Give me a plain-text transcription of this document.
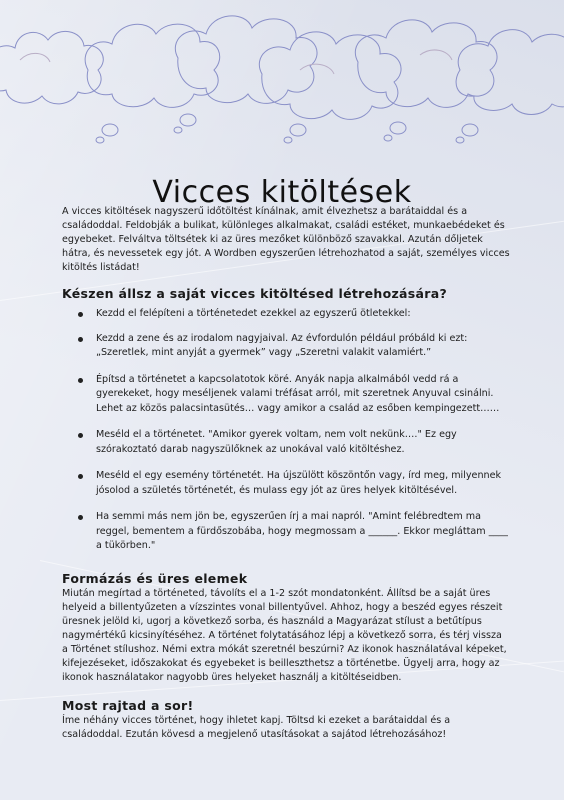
Vicces kitöltések

A vicces kitöltések nagyszerű időtöltést kínálnak, amit élvezhetsz a barátaiddal és a családoddal. Feldobják a bulikat, különleges alkalmakat, családi estéket, munkaebédeket és egyebeket. Felváltva töltsétek ki az üres mezőket különböző szavakkal. Azután dőljetek hátra, és nevessetek egy jót. A Wordben egyszerűen létrehozhatod a saját, személyes vicces kitöltés listádat!

Készen állsz a saját vicces kitöltésed létrehozására?
Kezdd el felépíteni a történetedet ezekkel az egyszerű ötletekkel:
Kezdd a zene és az irodalom nagyjaival. Az évfordulón például próbáld ki ezt: „Szeretlek, mint anyját a gyermek” vagy „Szeretni valakit valamiért.”
Építsd a történetet a kapcsolatotok köré. Anyák napja alkalmából vedd rá a gyerekeket, hogy meséljenek valami tréfásat arról, mit szeretnek Anyuval csinálni. Lehet az közös palacsintasütés… vagy amikor a család az esőben kempingezett……
Meséld el a történetet. "Amikor gyerek voltam, nem volt nekünk…." Ez egy szórakoztató darab nagyszülőknek az unokával való kitöltéshez.
Meséld el egy esemény történetét. Ha újszülött köszöntőn vagy, írd meg, milyennek jósolod a születés történetét, és mulass egy jót az üres helyek kitöltésével.
Ha semmi más nem jön be, egyszerűen írj a mai napról. "Amint felébredtem ma reggel, bementem a fürdőszobába, hogy megmossam a ______. Ekkor megláttam ____ a tükörben."
Formázás és üres elemek

Miután megírtad a történeted, távolíts el a 1-2 szót mondatonként. Állítsd be a saját üres helyeid a billentyűzeten a vízszintes vonal billentyűvel. Ahhoz, hogy a beszéd egyes részeit üresnek jelöld ki, ugorj a következő sorba, és használd a Magyarázat stílust a betűtípus nagymértékű kicsinyítéséhez. A történet folytatásához lépj a következő sorra, és térj vissza a Történet stílushoz. Némi extra mókát szeretnél beszúrni? Az ikonok használatával képeket, kifejezéseket, időszakokat és egyebeket is beilleszthetsz a történetbe. Ügyelj arra, hogy az ikonok használatakor nagyobb üres helyeket használj a kitöltéseidben.

Most rajtad a sor!

Íme néhány vicces történet, hogy ihletet kapj. Töltsd ki ezeket a barátaiddal és a családoddal. Ezután kövesd a megjelenő utasításokat a sajátod létrehozásához!
